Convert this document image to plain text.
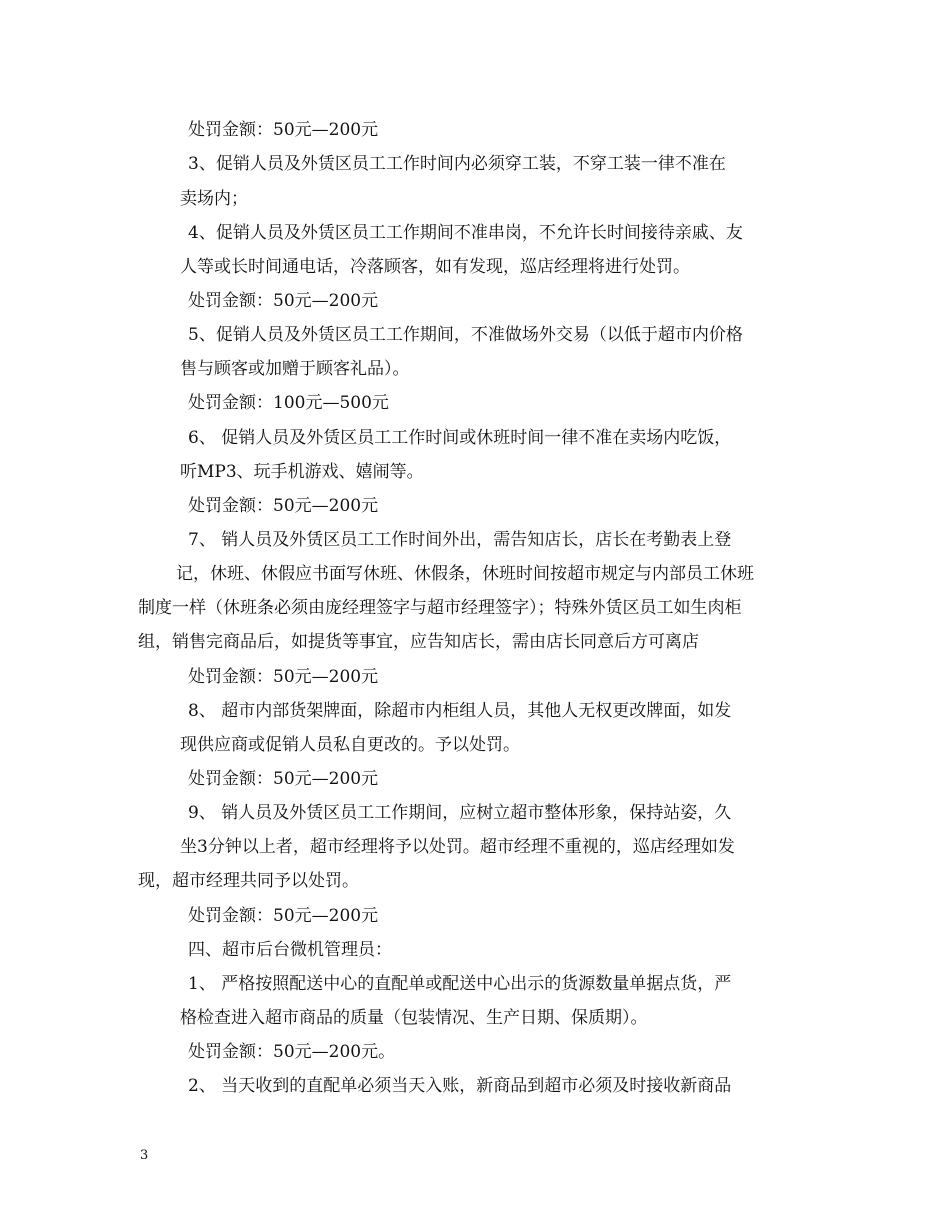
处罚金额：50元—200元
3、促销人员及外赁区员工工作时间内必须穿工装，不穿工装一律不准在
卖场内；
4、促销人员及外赁区员工工作期间不准串岗，不允许长时间接待亲戚、友
人等或长时间通电话，冷落顾客，如有发现，巡店经理将进行处罚。
处罚金额：50元—200元
5、促销人员及外赁区员工工作期间，不准做场外交易（以低于超市内价格
售与顾客或加赠于顾客礼品）。
处罚金额：100元—500元
6、 促销人员及外赁区员工工作时间或休班时间一律不准在卖场内吃饭，
听MP3、玩手机游戏、嬉闹等。
处罚金额：50元—200元
7、 销人员及外赁区员工工作时间外出，需告知店长，店长在考勤表上登
记，休班、休假应书面写休班、休假条，休班时间按超市规定与内部员工休班
制度一样（休班条必须由庞经理签字与超市经理签字）；特殊外赁区员工如生肉柜
组，销售完商品后，如提货等事宜，应告知店长，需由店长同意后方可离店
处罚金额：50元—200元
8、 超市内部货架牌面，除超市内柜组人员，其他人无权更改牌面，如发
现供应商或促销人员私自更改的。予以处罚。
处罚金额：50元—200元
9、 销人员及外赁区员工工作期间，应树立超市整体形象，保持站姿，久
坐3分钟以上者，超市经理将予以处罚。超市经理不重视的，巡店经理如发
现，超市经理共同予以处罚。
处罚金额：50元—200元
四、超市后台微机管理员：
1、 严格按照配送中心的直配单或配送中心出示的货源数量单据点货，严
格检查进入超市商品的质量（包装情况、生产日期、保质期）。
处罚金额：50元—200元。
2、 当天收到的直配单必须当天入账，新商品到超市必须及时接收新商品
3
